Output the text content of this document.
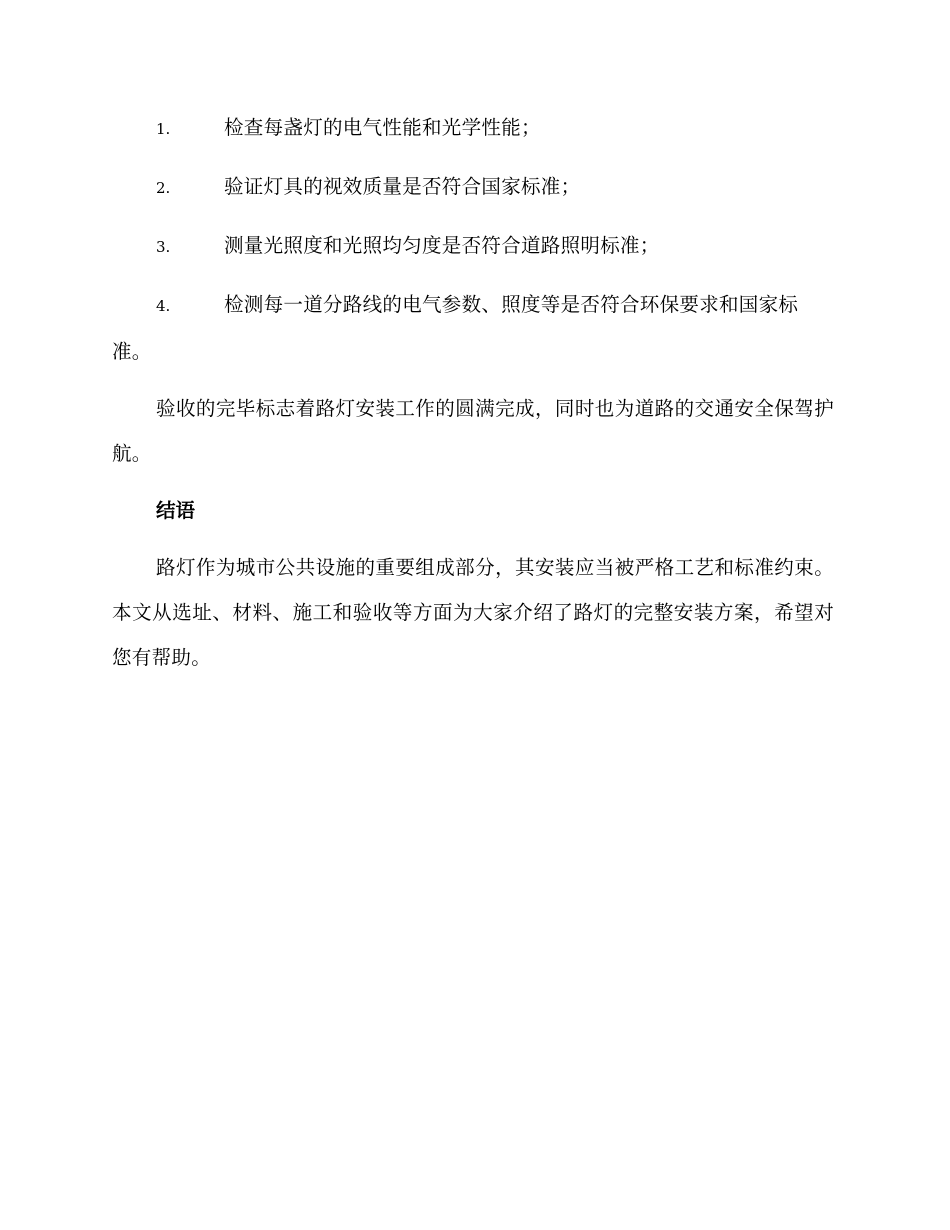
1.	检查每盏灯的电气性能和光学性能；
2.	验证灯具的视效质量是否符合国家标准；
3.	测量光照度和光照均匀度是否符合道路照明标准；
4.	检测每一道分路线的电气参数、照度等是否符合环保要求和国家标准。

验收的完毕标志着路灯安装工作的圆满完成，同时也为道路的交通安全保驾护航。

结语

路灯作为城市公共设施的重要组成部分，其安装应当被严格工艺和标准约束。本文从选址、材料、施工和验收等方面为大家介绍了路灯的完整安装方案，希望对您有帮助。
